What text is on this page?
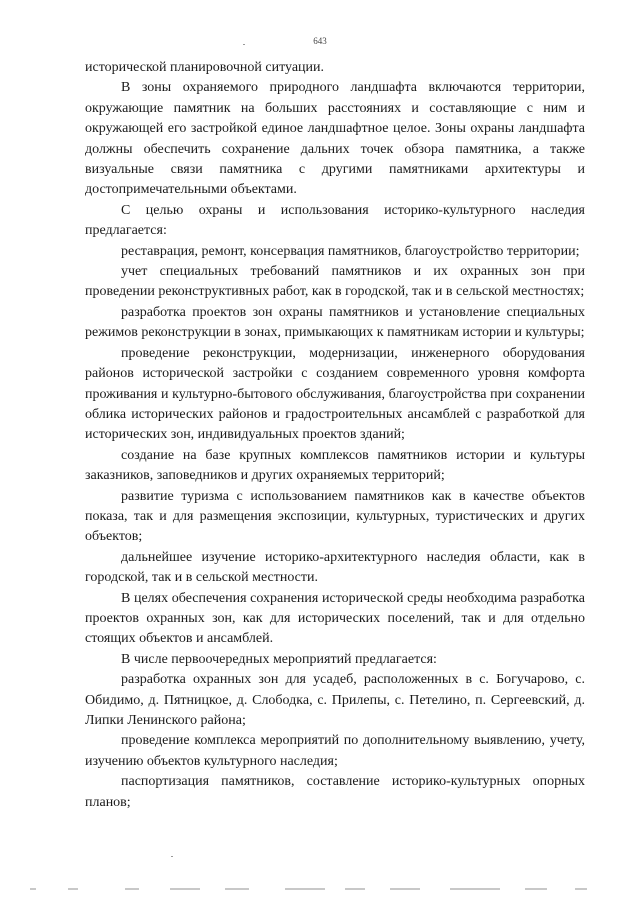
643

исторической планировочной ситуации.

В зоны охраняемого природного ландшафта включаются территории, окружающие памятник на больших расстояниях и составляющие с ним и окружающей его застройкой единое ландшафтное целое. Зоны охраны ландшафта должны обеспечить сохранение дальних точек обзора памятника, а также визуальные связи памятника с другими памятниками архитектуры и достопримечательными объектами.

С целью охраны и использования историко-культурного наследия предлагается:

реставрация, ремонт, консервация памятников, благоустройство территории;

учет специальных требований памятников и их охранных зон при проведении реконструктивных работ, как в городской, так и в сельской местностях;

разработка проектов зон охраны памятников и установление специальных режимов реконструкции в зонах, примыкающих к памятникам истории и культуры;

проведение реконструкции, модернизации, инженерного оборудования районов исторической застройки с созданием современного уровня комфорта проживания и культурно-бытового обслуживания, благоустройства при сохранении облика исторических районов и градостроительных ансамблей с разработкой для исторических зон, индивидуальных проектов зданий;

создание на базе крупных комплексов памятников истории и культуры заказников, заповедников и других охраняемых территорий;

развитие туризма с использованием памятников как в качестве объектов показа, так и для размещения экспозиции, культурных, туристических и других объектов;

дальнейшее изучение историко-архитектурного наследия области, как в городской, так и в сельской местности.

В целях обеспечения сохранения исторической среды необходима разработка проектов охранных зон, как для исторических поселений, так и для отдельно стоящих объектов и ансамблей.

В числе первоочередных мероприятий предлагается:

разработка охранных зон для усадеб, расположенных в с. Богучарово, с. Обидимо, д. Пятницкое, д. Слободка, с. Прилепы, с. Петелино, п. Сергеевский, д. Липки Ленинского района;

проведение комплекса мероприятий по дополнительному выявлению, учету, изучению объектов культурного наследия;

паспортизация памятников, составление историко-культурных опорных планов;
